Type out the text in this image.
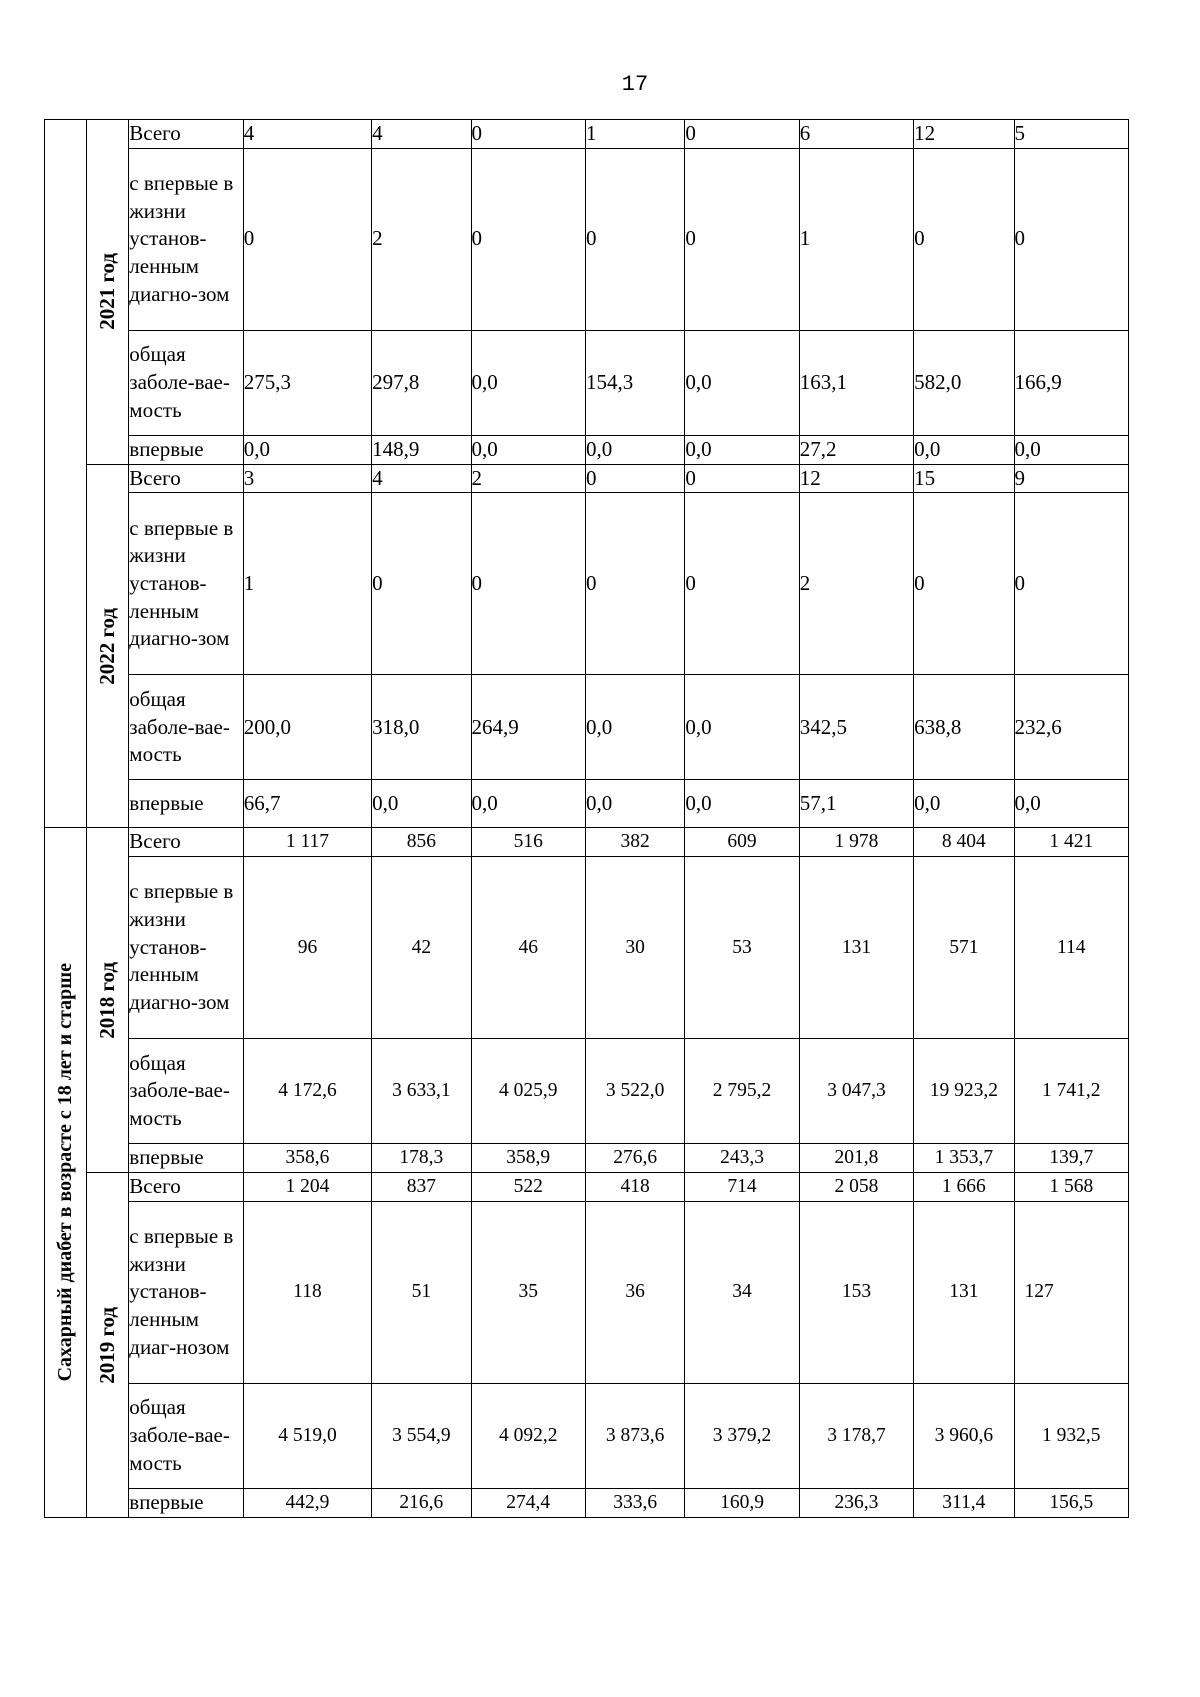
17

	2021 год	Всего	4	4	0	1	0	6	12	5
		с впервые в жизни установ-ленным диагно-зом	0	2	0	0	0	1	0	0
		общая заболе-вае-мость	275,3	297,8	0,0	154,3	0,0	163,1	582,0	166,9
		впервые	0,0	148,9	0,0	0,0	0,0	27,2	0,0	0,0

	2022 год	Всего	3	4	2	0	0	12	15	9
		с впервые в жизни установ-ленным диагно-зом	1	0	0	0	0	2	0	0
		общая заболе-вае-мость	200,0	318,0	264,9	0,0	0,0	342,5	638,8	232,6
		впервые	66,7	0,0	0,0	0,0	0,0	57,1	0,0	0,0

Сахарный диабет в возрасте с 18 лет и старше	2018 год	Всего	1 117	856	516	382	609	1 978	8 404	1 421
		с впервые в жизни установ-ленным диагно-зом	96	42	46	30	53	131	571	114
		общая заболе-вае-мость	4 172,6	3 633,1	4 025,9	3 522,0	2 795,2	3 047,3	19 923,2	1 741,2
		впервые	358,6	178,3	358,9	276,6	243,3	201,8	1 353,7	139,7

	2019 год	Всего	1 204	837	522	418	714	2 058	1 666	1 568
		с впервые в жизни установ-ленным диаг-нозом	118	51	35	36	34	153	131	127
		общая заболе-вае-мость	4 519,0	3 554,9	4 092,2	3 873,6	3 379,2	3 178,7	3 960,6	1 932,5
		впервые	442,9	216,6	274,4	333,6	160,9	236,3	311,4	156,5
